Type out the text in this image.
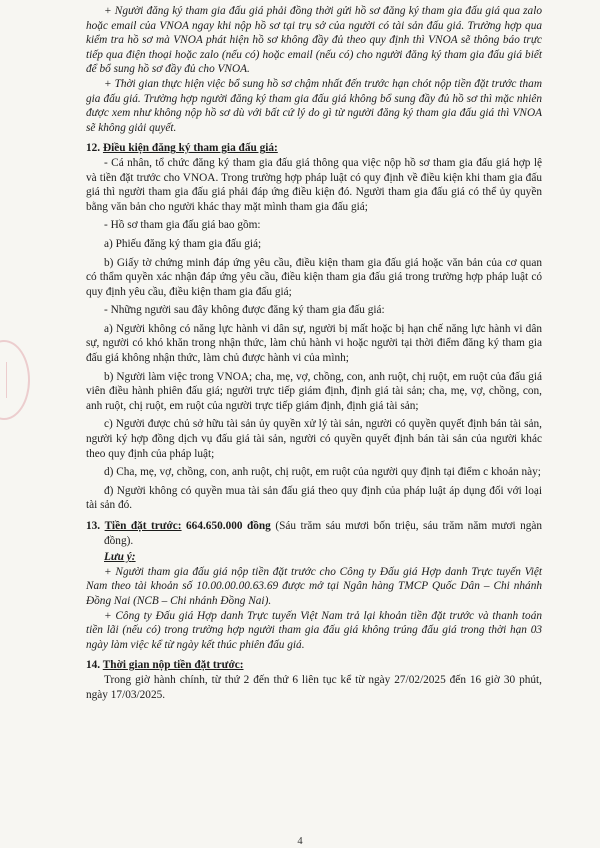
+ Người đăng ký tham gia đấu giá phải đồng thời gửi hồ sơ đăng ký tham gia đấu giá qua zalo hoặc email của VNOA ngay khi nộp hồ sơ tại trụ sở của người có tài sản đấu giá. Trường hợp qua kiểm tra hồ sơ mà VNOA phát hiện hồ sơ không đầy đủ theo quy định thì VNOA sẽ thông báo trực tiếp qua điện thoại hoặc zalo (nếu có) hoặc email (nếu có) cho người đăng ký tham gia đấu giá biết để bổ sung hồ sơ đầy đủ cho VNOA.

+ Thời gian thực hiện việc bổ sung hồ sơ chậm nhất đến trước hạn chót nộp tiền đặt trước tham gia đấu giá. Trường hợp người đăng ký tham gia đấu giá không bổ sung đầy đủ hồ sơ thì mặc nhiên được xem như không nộp hồ sơ dù với bất cứ lý do gì từ người đăng ký tham gia đấu giá thì VNOA sẽ không giải quyết.

12. Điều kiện đăng ký tham gia đấu giá:

- Cá nhân, tổ chức đăng ký tham gia đấu giá thông qua việc nộp hồ sơ tham gia đấu giá hợp lệ và tiền đặt trước cho VNOA. Trong trường hợp pháp luật có quy định về điều kiện khi tham gia đấu giá thì người tham gia đấu giá phải đáp ứng điều kiện đó. Người tham gia đấu giá có thể ủy quyền bằng văn bản cho người khác thay mặt mình tham gia đấu giá;

- Hồ sơ tham gia đấu giá bao gồm:

a) Phiếu đăng ký tham gia đấu giá;

b) Giấy tờ chứng minh đáp ứng yêu cầu, điều kiện tham gia đấu giá hoặc văn bản của cơ quan có thẩm quyền xác nhận đáp ứng yêu cầu, điều kiện tham gia đấu giá trong trường hợp pháp luật có quy định yêu cầu, điều kiện tham gia đấu giá;

- Những người sau đây không được đăng ký tham gia đấu giá:

a) Người không có năng lực hành vi dân sự, người bị mất hoặc bị hạn chế năng lực hành vi dân sự, người có khó khăn trong nhận thức, làm chủ hành vi hoặc người tại thời điểm đăng ký tham gia đấu giá không nhận thức, làm chủ được hành vi của mình;

b) Người làm việc trong VNOA; cha, mẹ, vợ, chồng, con, anh ruột, chị ruột, em ruột của đấu giá viên điều hành phiên đấu giá; người trực tiếp giám định, định giá tài sản; cha, mẹ, vợ, chồng, con, anh ruột, chị ruột, em ruột của người trực tiếp giám định, định giá tài sản;

c) Người được chủ sở hữu tài sản ủy quyền xử lý tài sản, người có quyền quyết định bán tài sản, người ký hợp đồng dịch vụ đấu giá tài sản, người có quyền quyết định bán tài sản của người khác theo quy định của pháp luật;

d) Cha, mẹ, vợ, chồng, con, anh ruột, chị ruột, em ruột của người quy định tại điểm c khoản này;

đ) Người không có quyền mua tài sản đấu giá theo quy định của pháp luật áp dụng đối với loại tài sản đó.

13. Tiền đặt trước: 664.650.000 đồng (Sáu trăm sáu mươi bốn triệu, sáu trăm năm mươi ngàn đồng).

Lưu ý:

+ Người tham gia đấu giá nộp tiền đặt trước cho Công ty Đấu giá Hợp danh Trực tuyến Việt Nam theo tài khoản số 10.00.00.00.63.69 được mở tại Ngân hàng TMCP Quốc Dân – Chi nhánh Đồng Nai (NCB – Chi nhánh Đồng Nai).

+ Công ty Đấu giá Hợp danh Trực tuyến Việt Nam trả lại khoản tiền đặt trước và thanh toán tiền lãi (nếu có) trong trường hợp người tham gia đấu giá không trúng đấu giá trong thời hạn 03 ngày làm việc kể từ ngày kết thúc phiên đấu giá.

14. Thời gian nộp tiền đặt trước:

Trong giờ hành chính, từ thứ 2 đến thứ 6 liên tục kể từ ngày 27/02/2025 đến 16 giờ 30 phút, ngày 17/03/2025.

4
